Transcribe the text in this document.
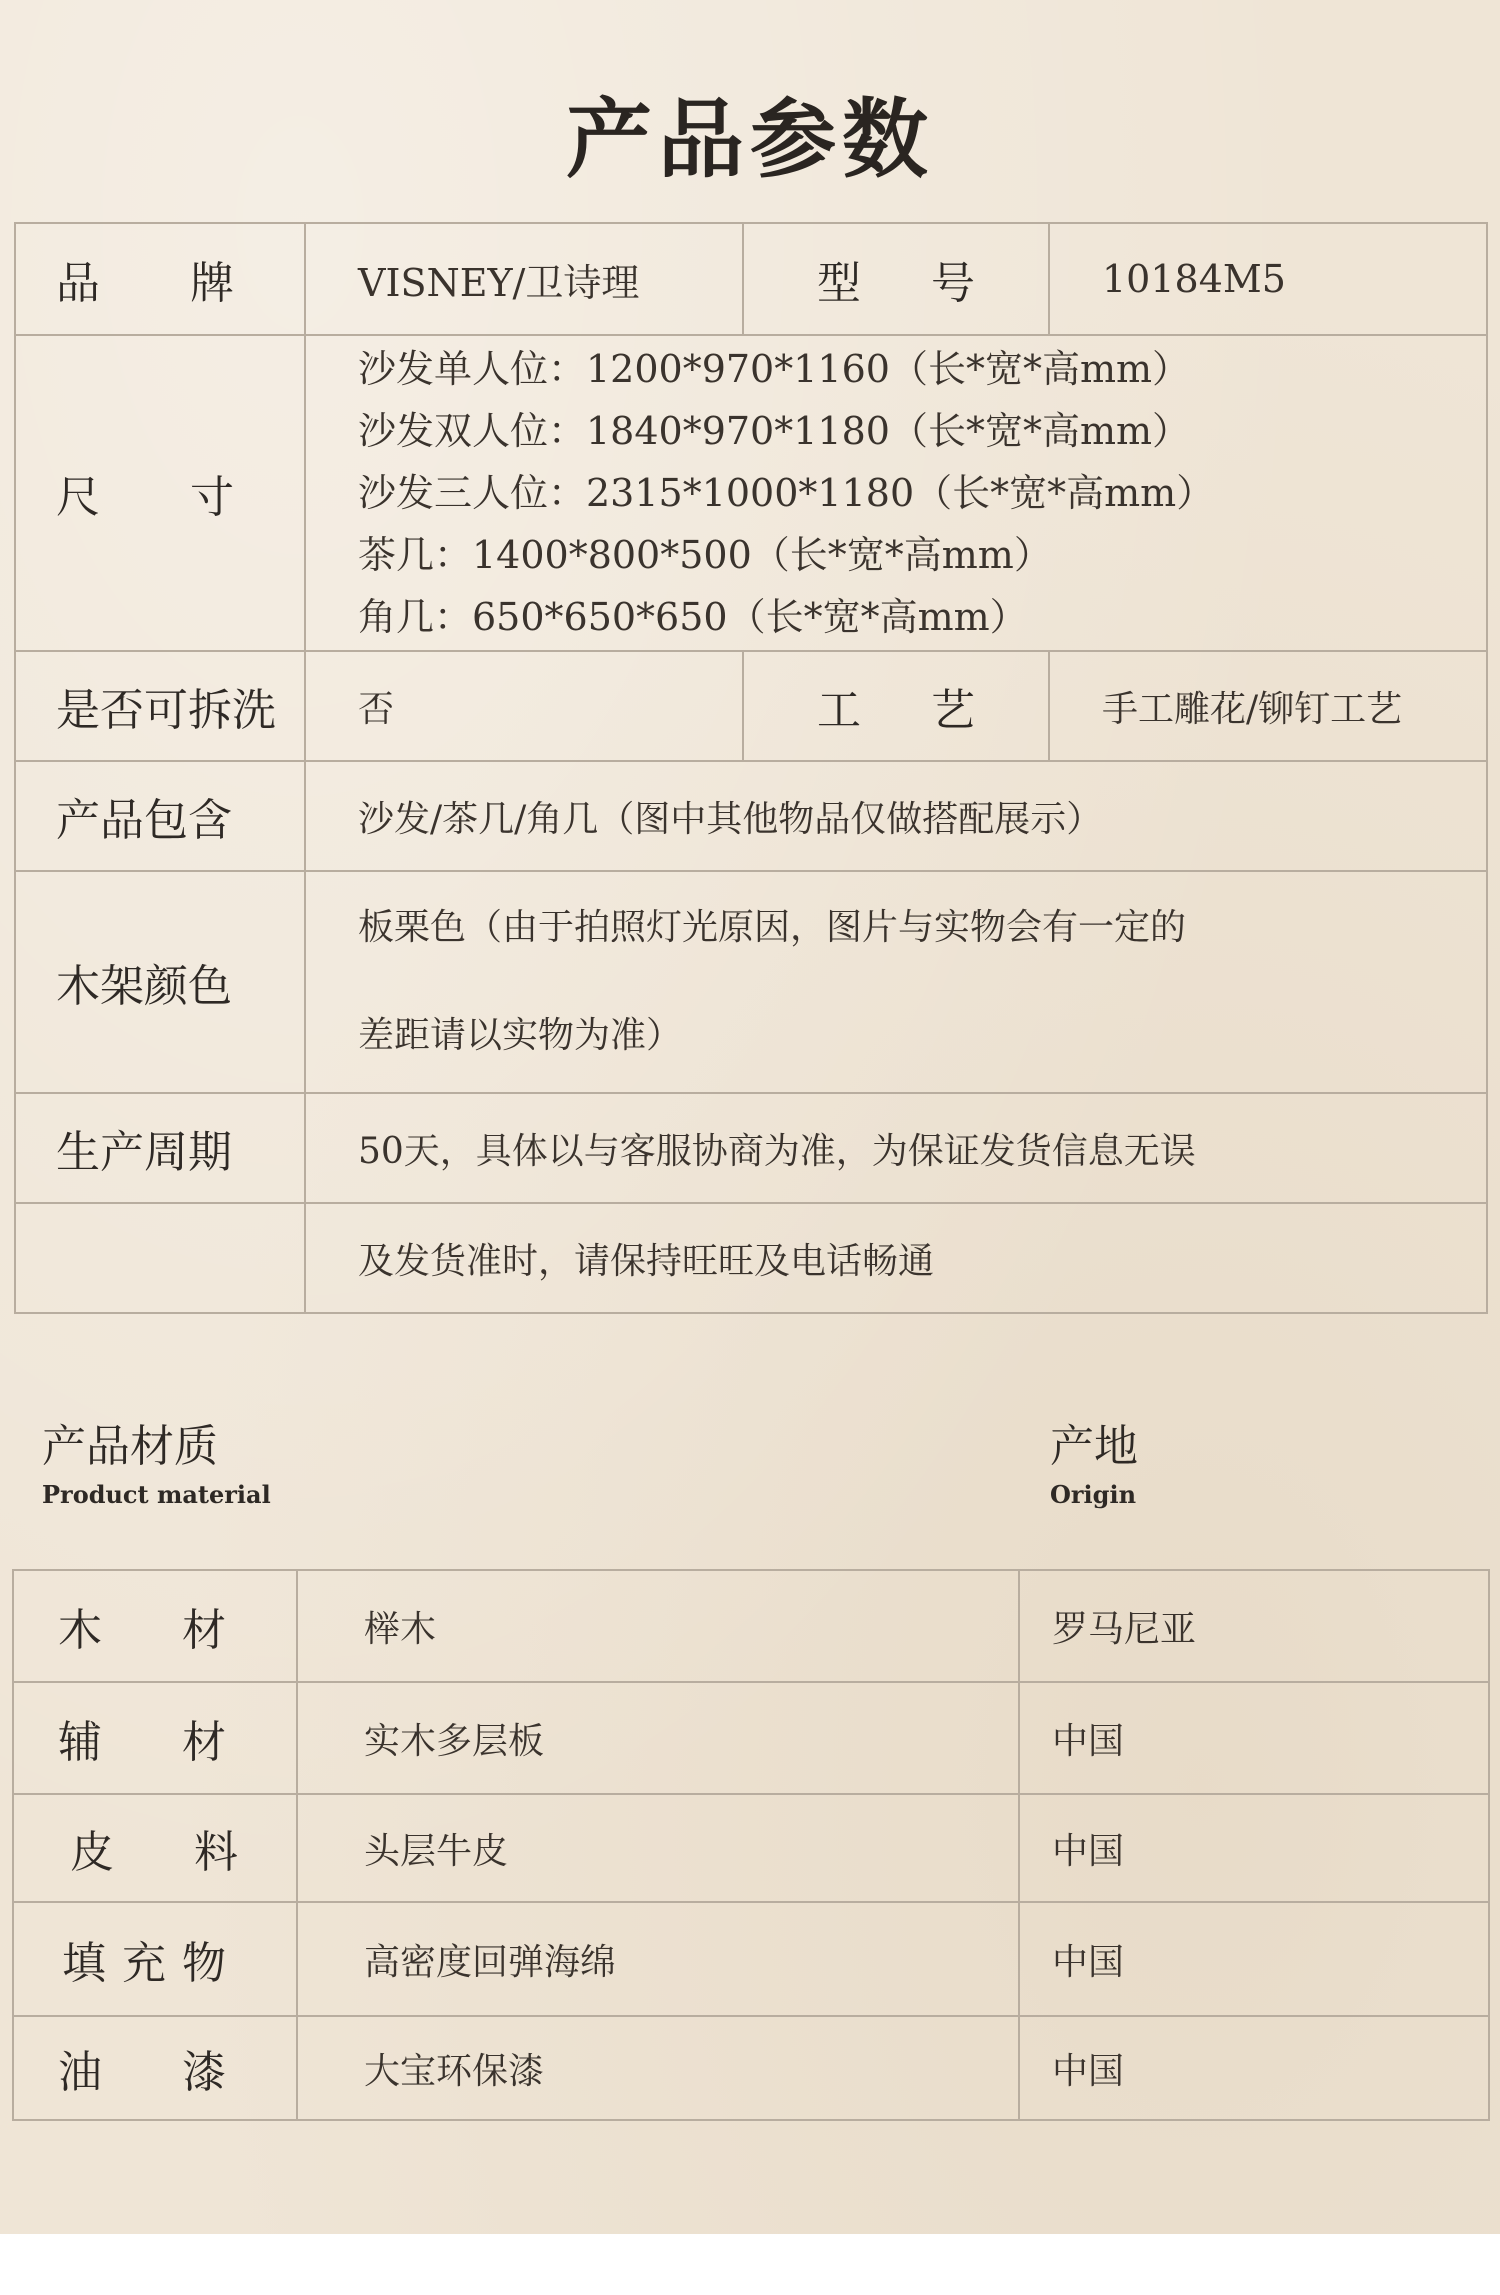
产品参数
品 牌	VISNEY/卫诗理	型 号	10184M5
尺 寸	沙发单人位：1200*970*1160（长*宽*高mm）
沙发双人位：1840*970*1180（长*宽*高mm）
沙发三人位：2315*1000*1180（长*宽*高mm）
茶几：1400*800*500（长*宽*高mm）
角几：650*650*650（长*宽*高mm）		

是否可拆洗	否	工 艺	手工雕花/铆钉工艺
产品包含	沙发/茶几/角几（图中其他物品仅做搭配展示）		
木架颜色	板栗色（由于拍照灯光原因，图片与实物会有一定的
差距请以实物为准）		

生产周期	50天，具体以与客服协商为准，为保证发货信息无误		
	及发货准时，请保持旺旺及电话畅通		
产品材质
Product material
产地
Origin
木 材	榉木	罗马尼亚
辅 材	实木多层板	中国
皮 料	头层牛皮	中国
填充物	高密度回弹海绵	中国
油 漆	大宝环保漆	中国
